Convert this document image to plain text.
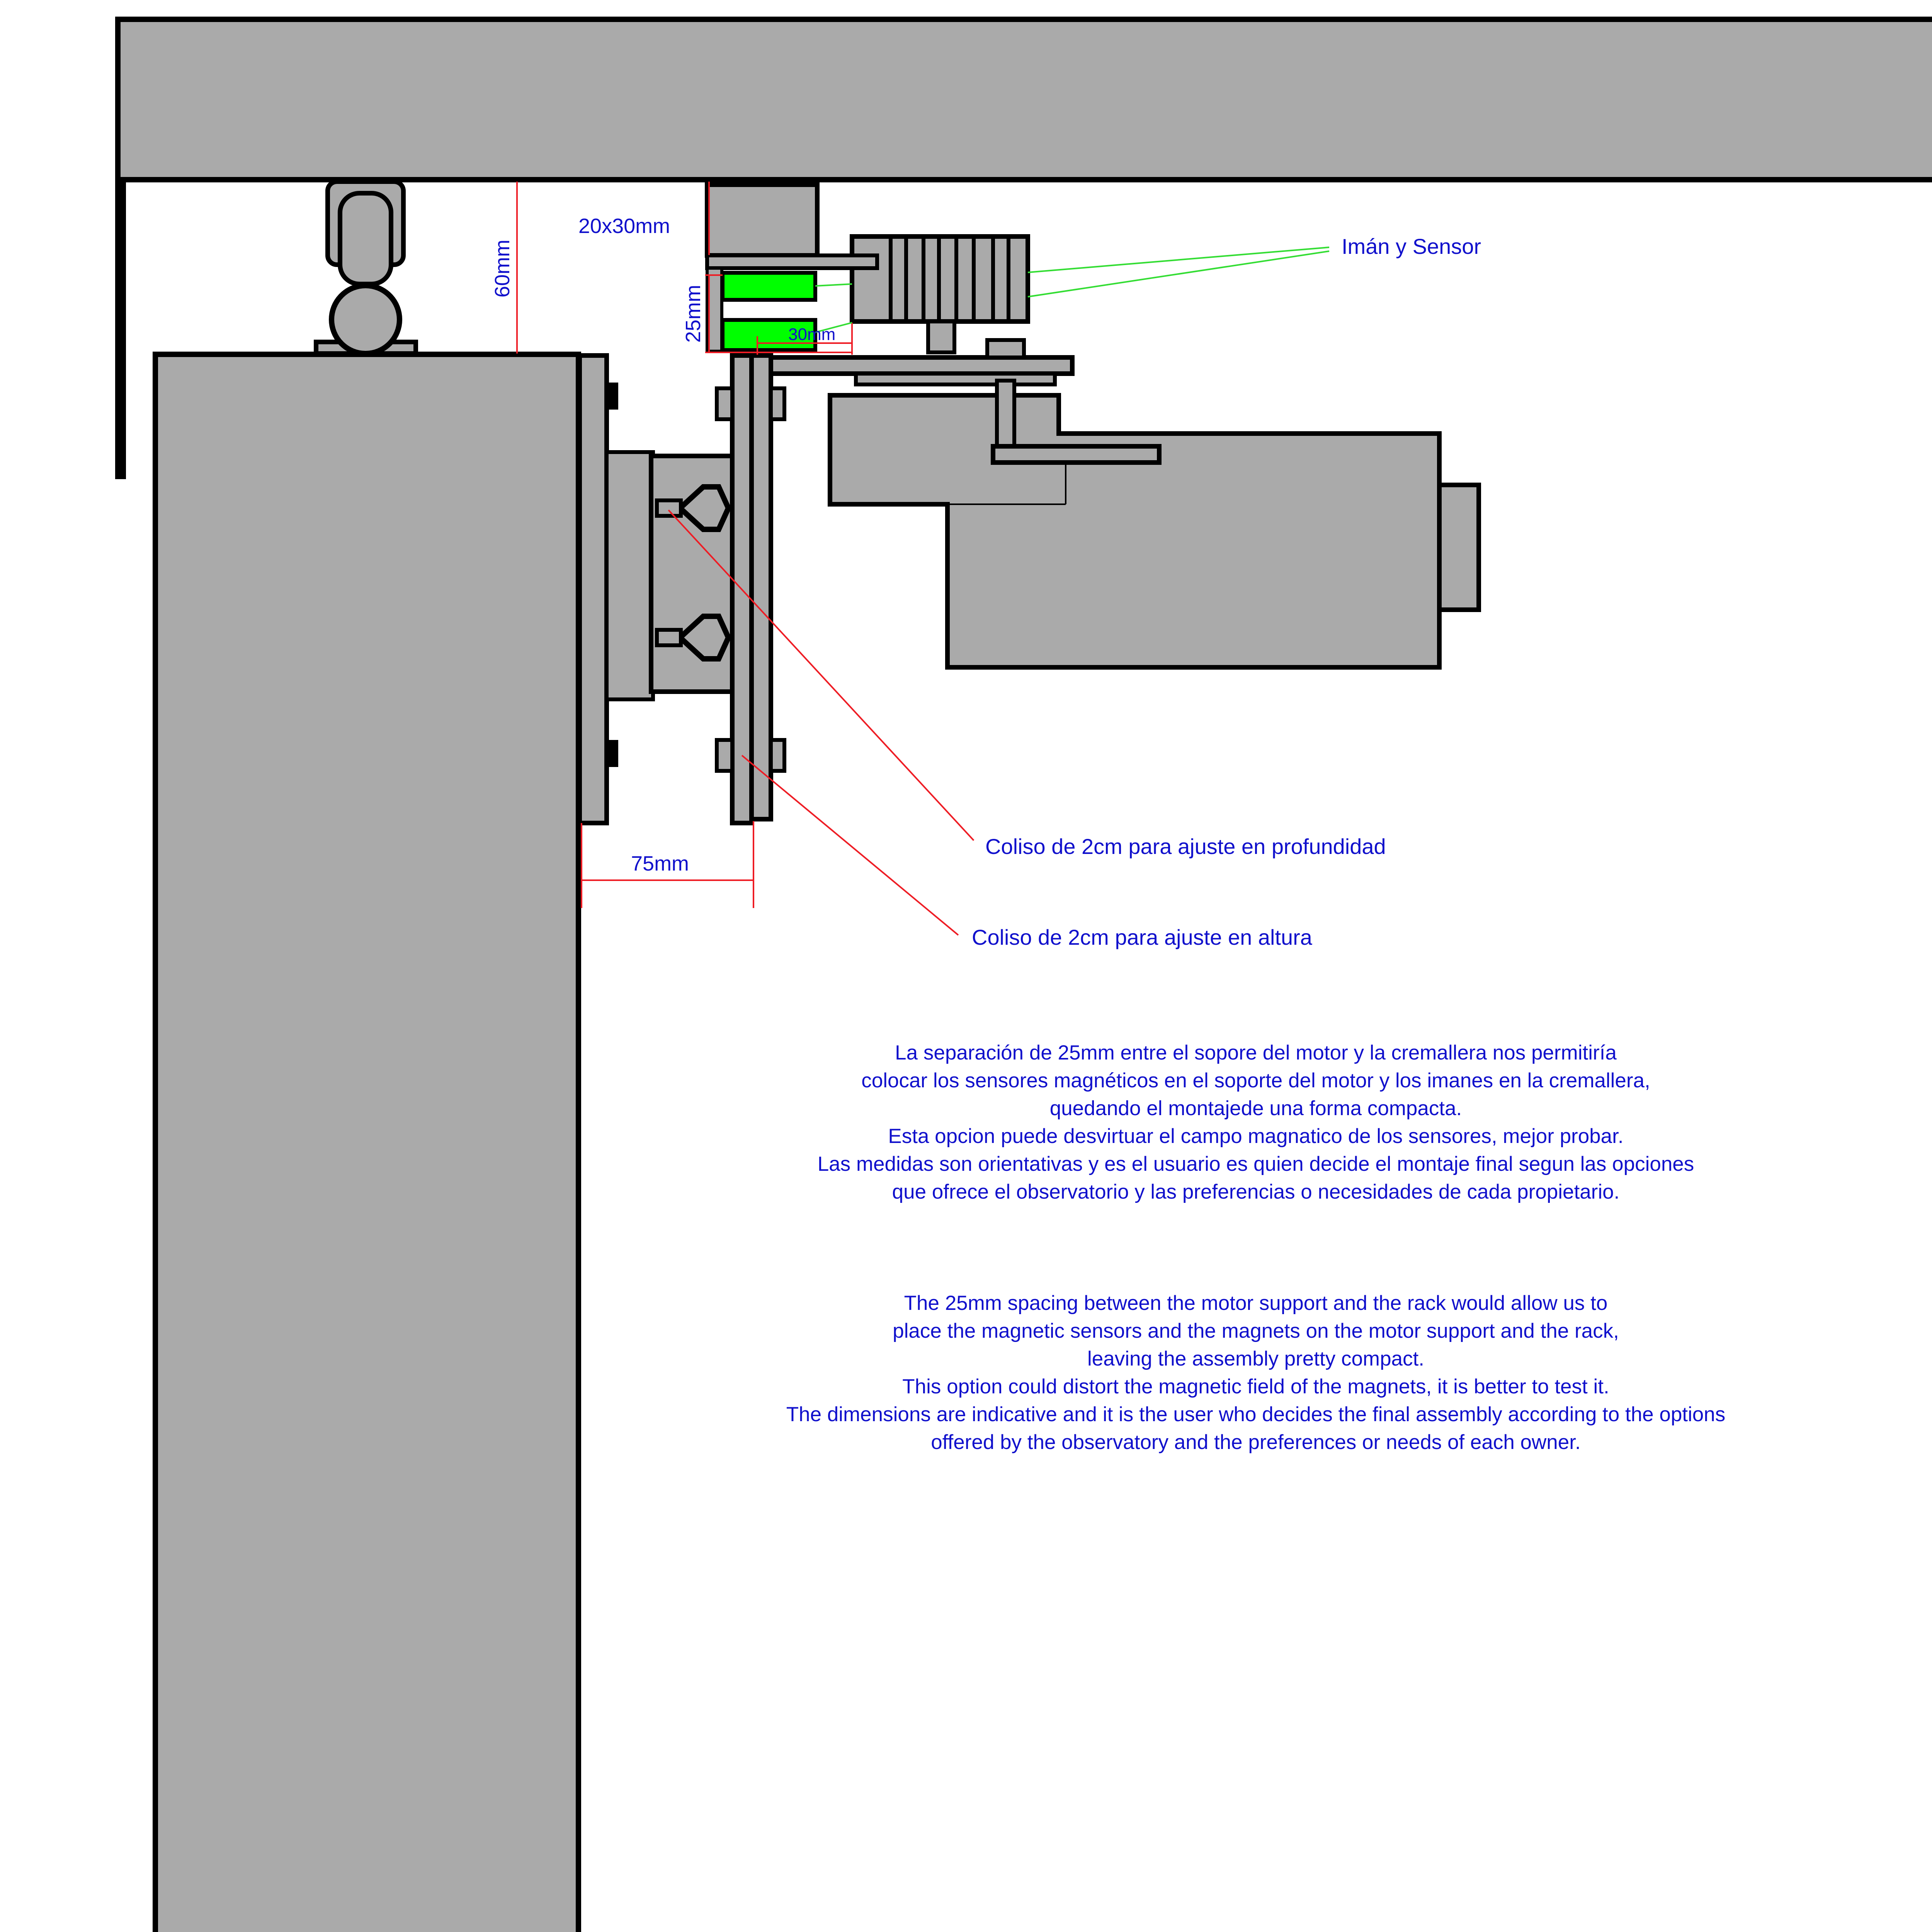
60mm
20x30mm
25mm	30mm
75mm
Imán y Sensor
Coliso de 2cm para ajuste en profundidad
Coliso de 2cm para ajuste en altura
La separación de 25mm entre el sopore del motor y la cremallera nos permitiría
colocar los sensores magnéticos en el soporte del motor y los imanes en la cremallera,
quedando el montajede una forma compacta.
Esta opcion puede desvirtuar el campo magnatico de los sensores, mejor probar.
Las medidas son orientativas y es el usuario es quien decide el montaje final segun las opciones
que ofrece el observatorio y las preferencias o necesidades de cada propietario.
The 25mm spacing between the motor support and the rack would allow us to
place the magnetic sensors and the magnets on the motor support and the rack,
leaving the assembly pretty compact.
This option could distort the magnetic field of the magnets, it is better to test it.
The dimensions are indicative and it is the user who decides the final assembly according to the options
offered by the observatory and the preferences or needs of each owner.
